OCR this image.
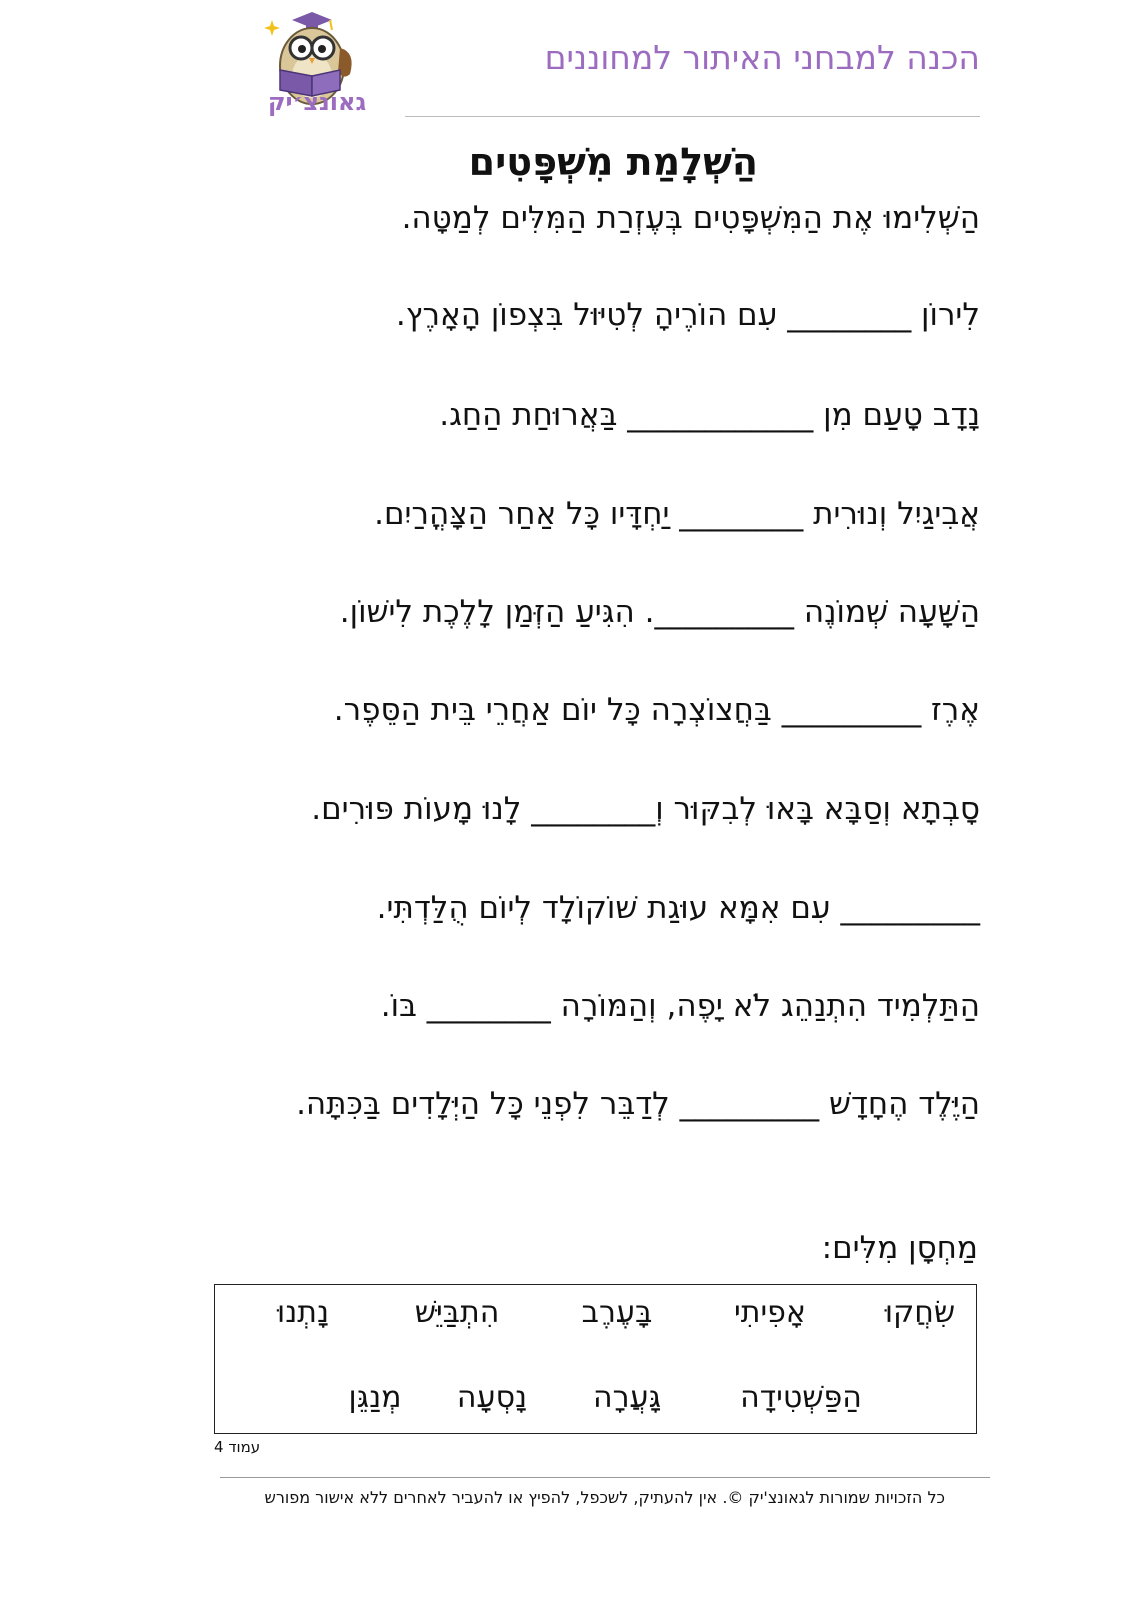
הכנה למבחני האיתור למחוננים
גאונצ׳יק
הַשְׁלָמַת מִשְׁפָּטִים
הַשְׁלִימוּ אֶת הַמִּשְׁפָּטִים בְּעֶזְרַת הַמִּלִּים לְמַטָּה.
לִירוֹן ________ עִם הוֹרֶיהָ לְטִיּוּל בִּצְפוֹן הָאָרֶץ.
נָדָב טָעַם מִן ____________ בַּאֲרוּחַת הַחַג.
אֲבִיגַיִל וְנוּרִית ________ יַחְדָּיו כָּל אַחַר הַצָּהֳרַיִם.
הַשָּׁעָה שְׁמוֹנֶה _________. הִגִּיעַ הַזְּמַן לָלֶכֶת לִישׁוֹן.
אֶרֶז _________ בַּחֲצוֹצְרָה כָּל יוֹם אַחֲרֵי בֵּית הַסֵּפֶר.
סָבְתָא וְסַבָּא בָּאוּ לְבִקּוּר וְ________ לָנוּ מָעוֹת פּוּרִים.
_________ עִם אִמָּא עוּגַת שׁוֹקוֹלָד לְיוֹם הֻלַּדְתִּי.
הַתַּלְמִיד הִתְנַהֵג לֹא יָפֶה, וְהַמּוֹרָה ________ בּוֹ.
הַיֶּלֶד הֶחָדָשׁ _________ לְדַבֵּר לִפְנֵי כָּל הַיְּלָדִים בַּכִּתָּה.
מַחְסָן מִלִּים:
שִׂחֲקוּ
אָפִיתִי
בָּעֶרֶב
הִתְבַּיֵּשׁ
נָתְנוּ
הַפַּשְׁטִידָה
גָּעֲרָה
נָסְעָה
מְנַגֵּן
עמוד 4
כל הזכויות שמורות לגאונצ'יק ©. אין להעתיק, לשכפל, להפיץ או להעביר לאחרים ללא אישור מפורש
